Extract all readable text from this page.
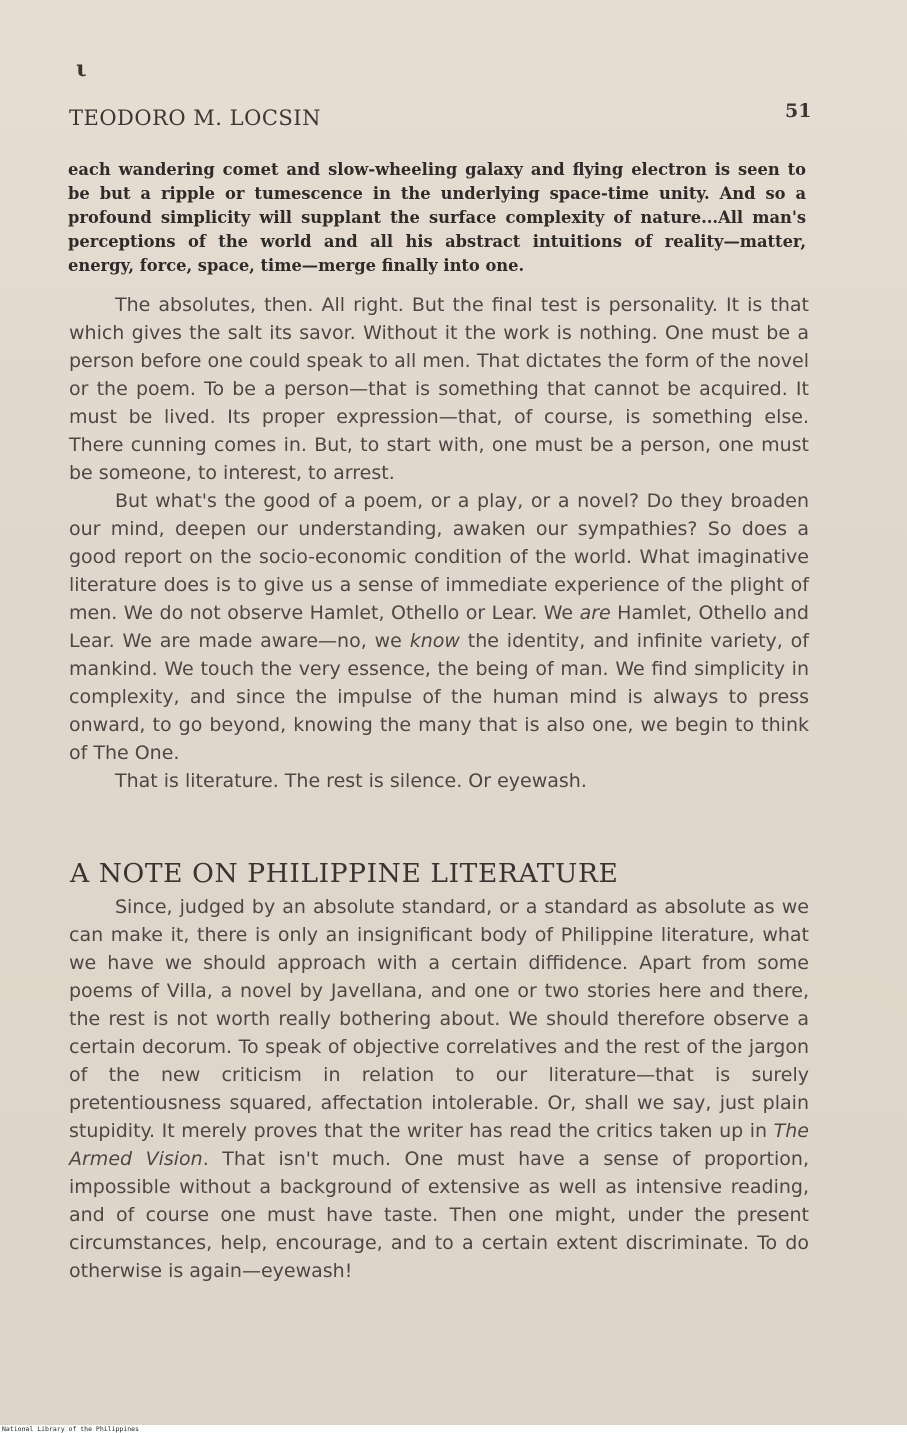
ι
TEODORO M. LOCSIN	51

each wandering comet and slow-wheeling galaxy and flying electron is seen to be but a ripple or tumescence in the underlying space-time unity. And so a profound simplicity will supplant the surface complexity of nature...All man's perceptions of the world and all his abstract intuitions of reality—matter, energy, force, space, time—merge finally into one.

The absolutes, then. All right. But the final test is personality. It is that which gives the salt its savor. Without it the work is nothing. One must be a person before one could speak to all men. That dictates the form of the novel or the poem. To be a person—that is something that cannot be acquired. It must be lived. Its proper expression—that, of course, is something else. There cunning comes in. But, to start with, one must be a person, one must be someone, to interest, to arrest.

But what's the good of a poem, or a play, or a novel? Do they broaden our mind, deepen our understanding, awaken our sympathies? So does a good report on the socio-economic condition of the world. What imaginative literature does is to give us a sense of immediate experience of the plight of men. We do not observe Hamlet, Othello or Lear. We are Hamlet, Othello and Lear. We are made aware—no, we know the identity, and infinite variety, of mankind. We touch the very essence, the being of man. We find simplicity in complexity, and since the impulse of the human mind is always to press onward, to go beyond, knowing the many that is also one, we begin to think of The One.

That is literature. The rest is silence. Or eyewash.

A NOTE ON PHILIPPINE LITERATURE

Since, judged by an absolute standard, or a standard as absolute as we can make it, there is only an insignificant body of Philippine literature, what we have we should approach with a certain diffidence. Apart from some poems of Villa, a novel by Javellana, and one or two stories here and there, the rest is not worth really bothering about. We should therefore observe a certain decorum. To speak of objective correlatives and the rest of the jargon of the new criticism in relation to our literature—that is surely pretentiousness squared, affectation intolerable. Or, shall we say, just plain stupidity. It merely proves that the writer has read the critics taken up in The Armed Vision. That isn't much. One must have a sense of proportion, impossible without a background of extensive as well as intensive reading, and of course one must have taste. Then one might, under the present circumstances, help, encourage, and to a certain extent discriminate. To do otherwise is again—eyewash!

National Library of the Philippines
